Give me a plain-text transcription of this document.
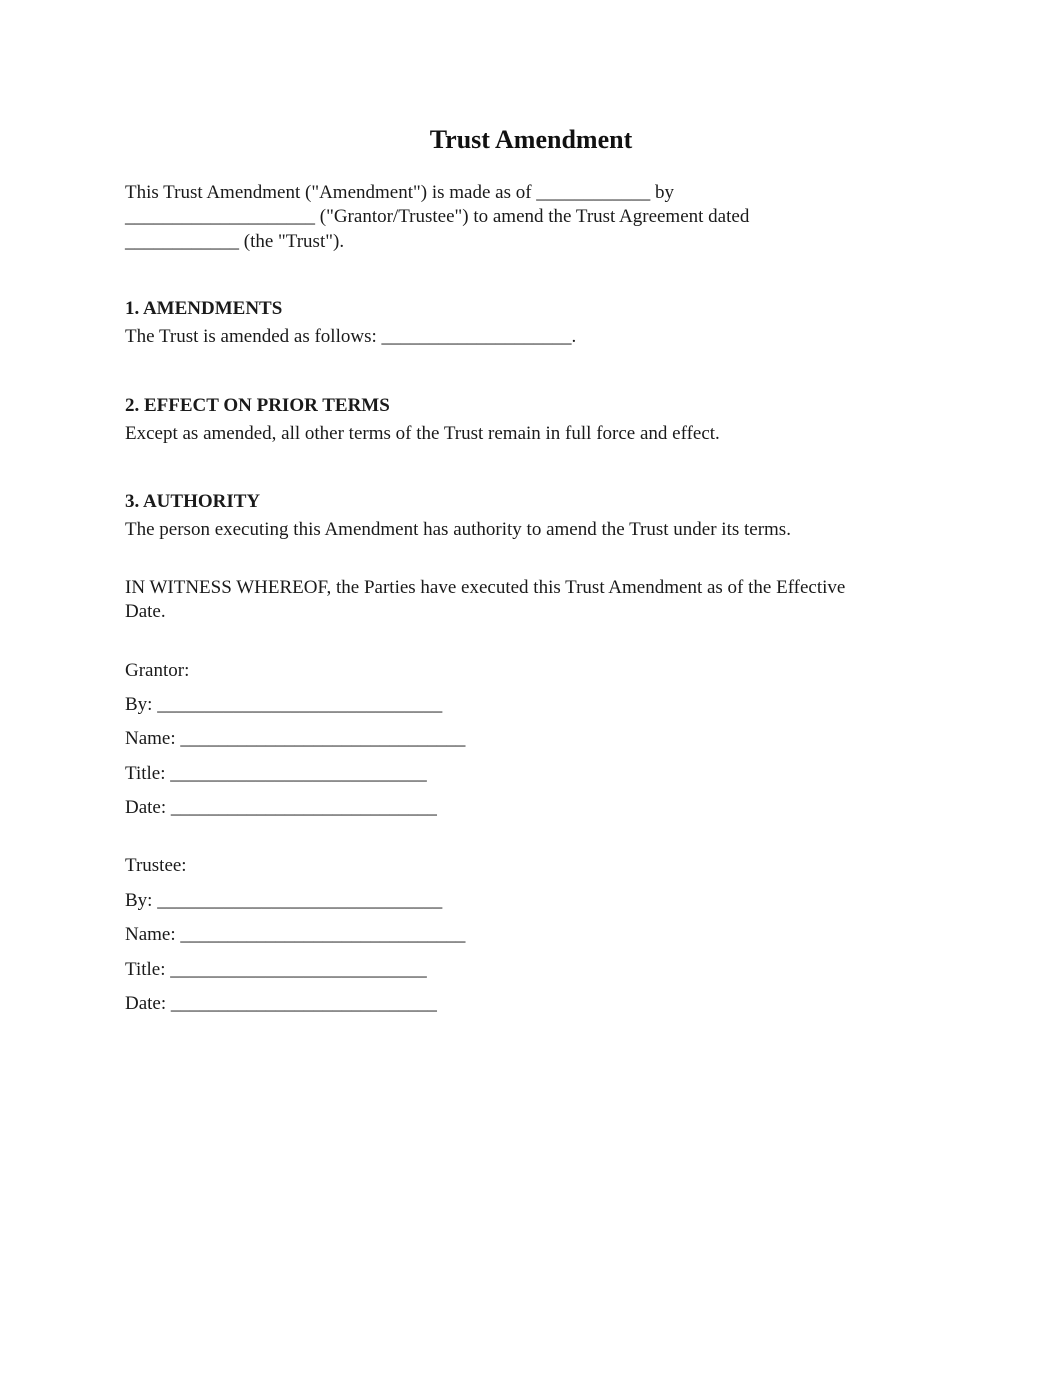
Trust Amendment
This Trust Amendment ("Amendment") is made as of ____________ by
____________________ ("Grantor/Trustee") to amend the Trust Agreement dated
____________ (the "Trust").
1. AMENDMENTS
The Trust is amended as follows: ____________________.
2. EFFECT ON PRIOR TERMS
Except as amended, all other terms of the Trust remain in full force and effect.
3. AUTHORITY
The person executing this Amendment has authority to amend the Trust under its terms.
IN WITNESS WHEREOF, the Parties have executed this Trust Amendment as of the Effective
Date.
Grantor:
By: ______________________________
Name: ______________________________
Title: ___________________________
Date: ____________________________
Trustee:
By: ______________________________
Name: ______________________________
Title: ___________________________
Date: ____________________________
